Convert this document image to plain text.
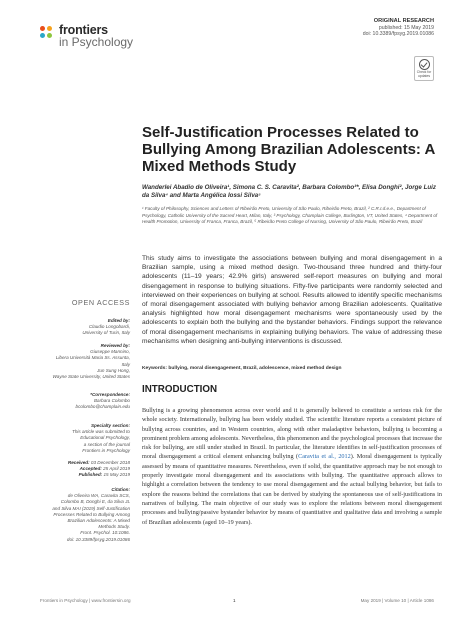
frontiers
in Psychology
ORIGINAL RESEARCH
published: 15 May 2019
doi: 10.3389/fpsyg.2019.01086
Check for updates
OPEN ACCESS
Edited by:
Claudio Longobardi,
University of Turin, Italy
Reviewed by:
Giuseppe Mannino,
Libera Università Maria Ss. Assunta,
Italy
Jun Sung Hong,
Wayne State University, United States
*Correspondence:
Barbara Colombo
bcolombo@champlain.edu
Specialty section:
This article was submitted to
Educational Psychology,
a section of the journal
Frontiers in Psychology
Received: 03 December 2018
Accepted: 25 April 2019
Published: 15 May 2019
Citation:
de Oliveira WA, Caravita SCS,
Colombo B, Donghi E, da Silva JL
and Silva MAI (2019) Self-Justification
Processes Related to Bullying Among
Brazilian Adolescents: A Mixed
Methods Study.
Front. Psychol. 10:1086.
doi: 10.3389/fpsyg.2019.01086
Self-Justification Processes Related to Bullying Among Brazilian Adolescents: A Mixed Methods Study
Wanderlei Abadio de Oliveira¹, Simona C. S. Caravita², Barbara Colombo³*, Elisa Donghi², Jorge Luiz da Silva⁴ and Marta Angélica Iossi Silva⁵
¹ Faculty of Philosophy, Sciences and Letters of Ribeirão Preto, University of São Paulo, Ribeirão Preto, Brazil, ² C.R.I.d.e.e., Department of Psychology, Catholic University of the Sacred Heart, Milan, Italy, ³ Psychology, Champlain College, Burlington, VT, United States, ⁴ Department of Health Promotion, University of Franca, Franca, Brazil, ⁵ Ribeirão Preto College of Nursing, University of São Paulo, Ribeirão Preto, Brazil

This study aims to investigate the associations between bullying and moral disengagement in a Brazilian sample, using a mixed method design. Two-thousand three hundred and thirty-four adolescents (11–19 years; 42.9% girls) answered self-report measures on bullying and moral disengagement in response to bullying situations. Fifty-five participants were randomly selected and interviewed on their experiences on bullying at school. Results allowed to identify specific mechanisms of moral disengagement associated with bullying behavior among Brazilian adolescents. Qualitative analysis highlighted how moral disengagement mechanisms were spontaneously used by the adolescents to explain both the bullying and the bystander behaviors. Findings support the relevance of moral disengagement mechanisms in explaining bullying behaviors. The value of addressing these mechanisms when designing anti-bullying interventions is discussed.

Keywords: bullying, moral disengagement, Brazil, adolescence, mixed method design
INTRODUCTION

Bullying is a growing phenomenon across over world and it is generally believed to constitute a serious risk for the whole society. Internationally, bullying has been widely studied. The scientific literature reports a consistent picture of bullying across countries, and in Western countries, along with other maladaptive behaviors, bullying is becoming a prominent problem among adolescents. Nevertheless, this phenomenon and the psychological processes that increase the risk for bullying, are still under studied in Brazil. In particular, the literature identifies in self-justification processes of moral disengagement a critical element enhancing bullying (Caravita et al., 2012). Moral disengagement is typically assessed by means of quantitative measures. Nevertheless, even if solid, the quantitative approach may be not enough to properly investigate moral disengagement and its associations with bullying. The quantitative approach allows to highlight a correlation between the tendency to use moral disengagement and the actual bullying behavior, but fails to explore the reasons behind the correlations that can be derived by studying the spontaneous use of self-justifications in narratives of bullying. The main objective of our study was to explore the relations between moral disengagement processes and bullying/passive bystander behavior by means of quantitative and qualitative data and involving a sample of Brazilian adolescents (aged 10–19 years).

Frontiers in Psychology | www.frontiersin.org	1	May 2019 | Volume 10 | Article 1086
